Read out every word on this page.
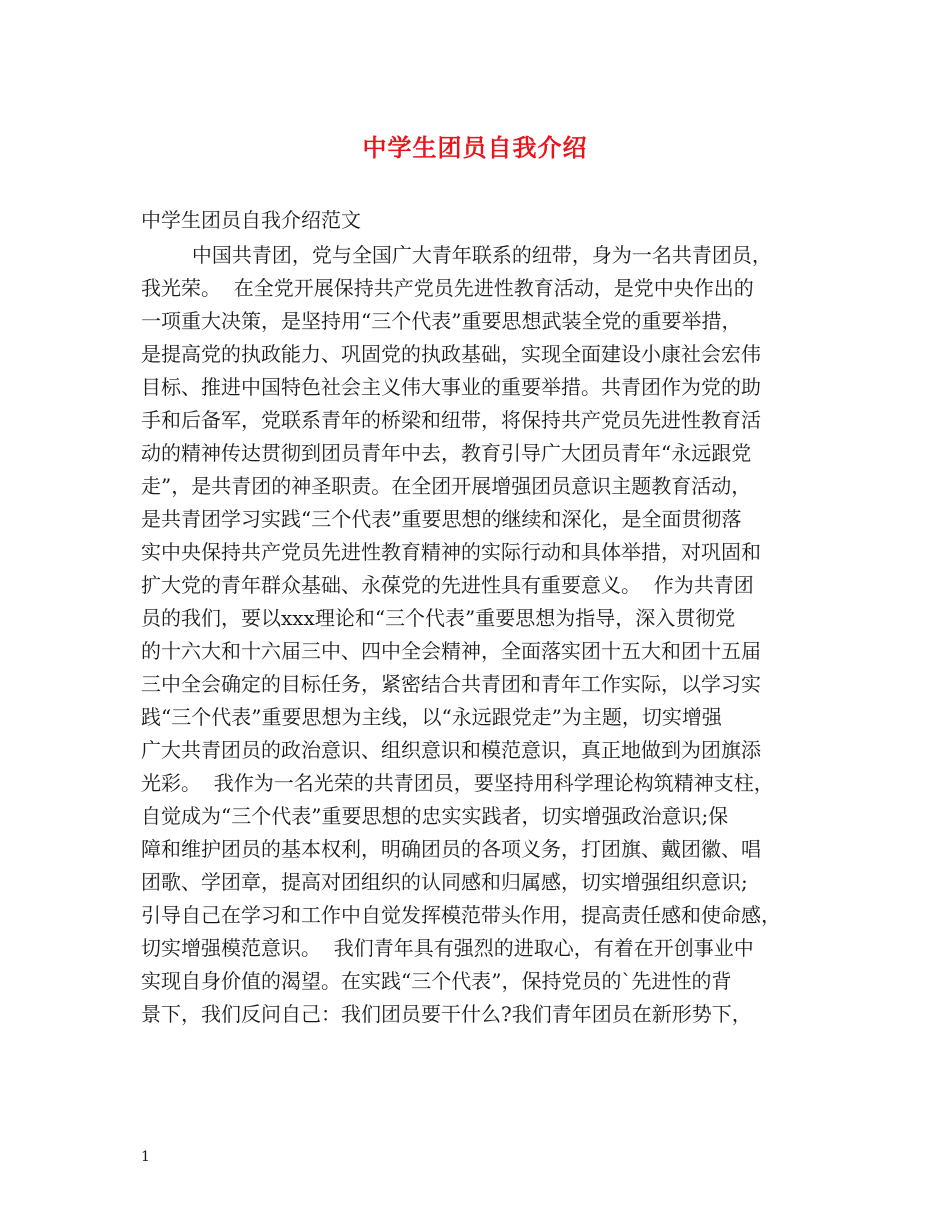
中学生团员自我介绍

中学生团员自我介绍范文

中国共青团，党与全国广大青年联系的纽带，身为一名共青团员，
我光荣。  在全党开展保持共产党员先进性教育活动，是党中央作出的
一项重大决策，是坚持用“三个代表”重要思想武装全党的重要举措，
是提高党的执政能力、巩固党的执政基础，实现全面建设小康社会宏伟
目标、推进中国特色社会主义伟大事业的重要举措。共青团作为党的助
手和后备军，党联系青年的桥梁和纽带，将保持共产党员先进性教育活
动的精神传达贯彻到团员青年中去，教育引导广大团员青年“永远跟党
走”，是共青团的神圣职责。在全团开展增强团员意识主题教育活动，
是共青团学习实践“三个代表”重要思想的继续和深化，是全面贯彻落
实中央保持共产党员先进性教育精神的实际行动和具体举措，对巩固和
扩大党的青年群众基础、永葆党的先进性具有重要意义。  作为共青团
员的我们，要以xxx理论和“三个代表”重要思想为指导，深入贯彻党
的十六大和十六届三中、四中全会精神，全面落实团十五大和团十五届
三中全会确定的目标任务，紧密结合共青团和青年工作实际，以学习实
践“三个代表”重要思想为主线，以“永远跟党走”为主题，切实增强
广大共青团员的政治意识、组织意识和模范意识，真正地做到为团旗添
光彩。  我作为一名光荣的共青团员，要坚持用科学理论构筑精神支柱，
自觉成为“三个代表”重要思想的忠实实践者，切实增强政治意识;保
障和维护团员的基本权利，明确团员的各项义务，打团旗、戴团徽、唱
团歌、学团章，提高对团组织的认同感和归属感，切实增强组织意识;
引导自己在学习和工作中自觉发挥模范带头作用，提高责任感和使命感，
切实增强模范意识。  我们青年具有强烈的进取心，有着在开创事业中
实现自身价值的渴望。在实践“三个代表”，保持党员的`先进性的背
景下，我们反问自己：我们团员要干什么?我们青年团员在新形势下，

1
